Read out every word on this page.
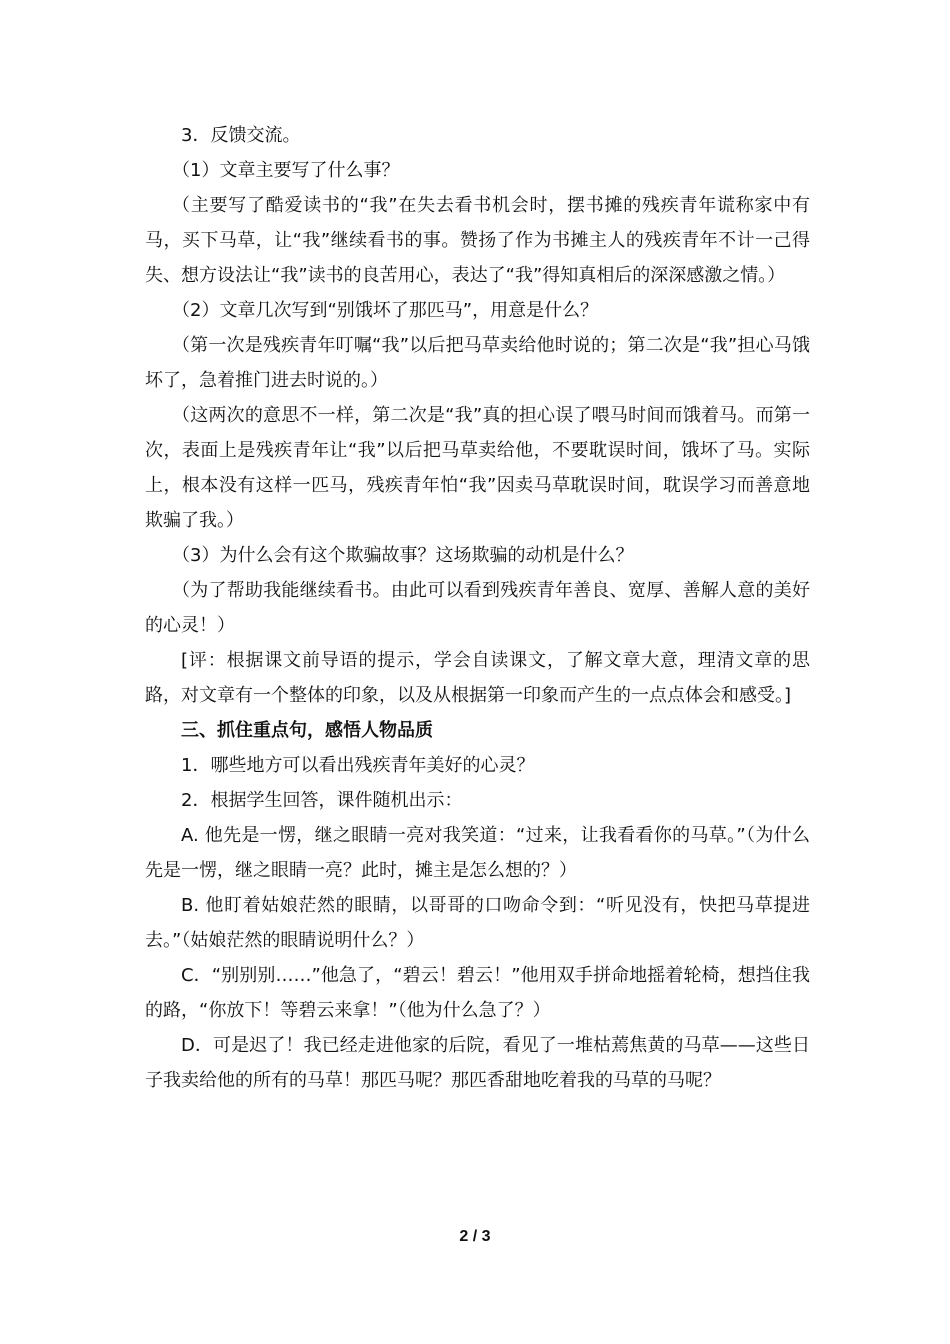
3．反馈交流。

（1）文章主要写了什么事？

（主要写了酷爱读书的“我”在失去看书机会时，摆书摊的残疾青年谎称家中有马，买下马草，让“我”继续看书的事。赞扬了作为书摊主人的残疾青年不计一己得失、想方设法让“我”读书的良苦用心，表达了“我”得知真相后的深深感激之情。）

（2）文章几次写到“别饿坏了那匹马”，用意是什么？

（第一次是残疾青年叮嘱“我”以后把马草卖给他时说的；第二次是“我”担心马饿坏了，急着推门进去时说的。）

（这两次的意思不一样，第二次是“我”真的担心误了喂马时间而饿着马。而第一次，表面上是残疾青年让“我”以后把马草卖给他，不要耽误时间，饿坏了马。实际上，根本没有这样一匹马，残疾青年怕“我”因卖马草耽误时间，耽误学习而善意地欺骗了我。）

（3）为什么会有这个欺骗故事？这场欺骗的动机是什么？

（为了帮助我能继续看书。由此可以看到残疾青年善良、宽厚、善解人意的美好的心灵！）

[评：根据课文前导语的提示，学会自读课文，了解文章大意，理清文章的思路，对文章有一个整体的印象，以及从根据第一印象而产生的一点点体会和感受。]

三、抓住重点句，感悟人物品质

1．哪些地方可以看出残疾青年美好的心灵？

2．根据学生回答，课件随机出示：

A. 他先是一愣，继之眼睛一亮对我笑道：“过来，让我看看你的马草。”（为什么先是一愣，继之眼睛一亮？此时，摊主是怎么想的？）

B. 他盯着姑娘茫然的眼睛，以哥哥的口吻命令到：“听见没有，快把马草提进去。”（姑娘茫然的眼睛说明什么？）

C．“别别别……”他急了，“碧云！碧云！”他用双手拼命地摇着轮椅，想挡住我的路，“你放下！等碧云来拿！”（他为什么急了？）

D．可是迟了！我已经走进他家的后院，看见了一堆枯蔫焦黄的马草——这些日子我卖给他的所有的马草！那匹马呢？那匹香甜地吃着我的马草的马呢？

2 / 3
